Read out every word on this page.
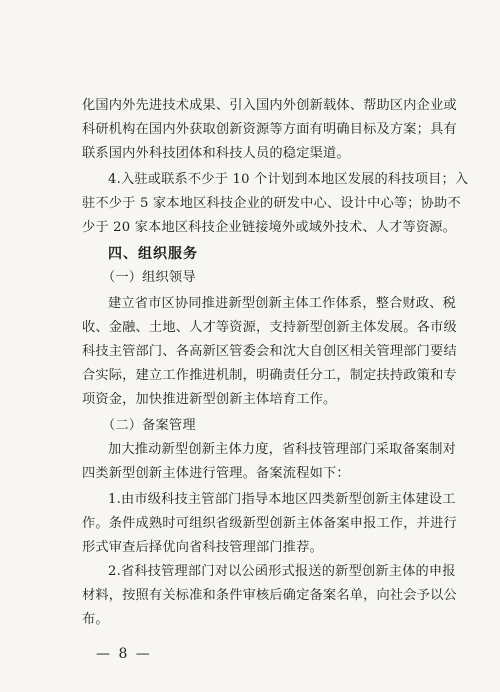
化国内外先进技术成果、引入国内外创新载体、帮助区内企业或
科研机构在国内外获取创新资源等方面有明确目标及方案；具有
联系国内外科技团体和科技人员的稳定渠道。
4.入驻或联系不少于 10 个计划到本地区发展的科技项目；入
驻不少于 5 家本地区科技企业的研发中心、设计中心等；协助不
少于 20 家本地区科技企业链接境外或域外技术、人才等资源。
四、组织服务
（一）组织领导
建立省市区协同推进新型创新主体工作体系，整合财政、税
收、金融、土地、人才等资源，支持新型创新主体发展。各市级
科技主管部门、各高新区管委会和沈大自创区相关管理部门要结
合实际，建立工作推进机制，明确责任分工，制定扶持政策和专
项资金，加快推进新型创新主体培育工作。
（二）备案管理
加大推动新型创新主体力度，省科技管理部门采取备案制对
四类新型创新主体进行管理。备案流程如下：
1.由市级科技主管部门指导本地区四类新型创新主体建设工
作。条件成熟时可组织省级新型创新主体备案申报工作，并进行
形式审查后择优向省科技管理部门推荐。
2.省科技管理部门对以公函形式报送的新型创新主体的申报
材料，按照有关标准和条件审核后确定备案名单，向社会予以公
布。
— 8 —
